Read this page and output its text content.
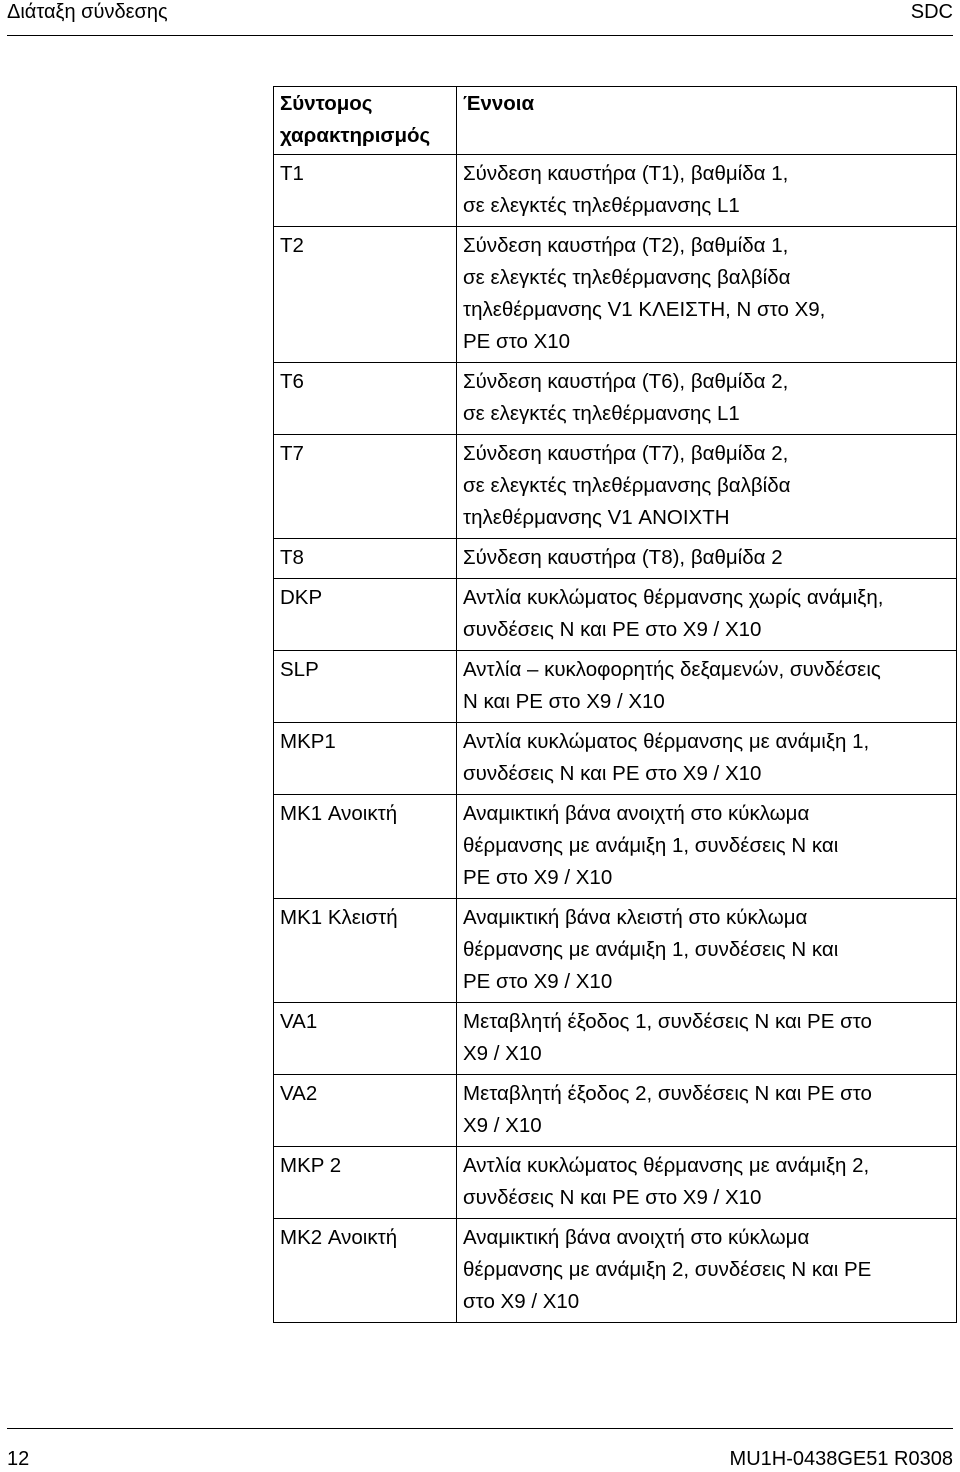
Διάταξη σύνδεσης	SDC
Σύντομος
χαρακτηρισμός	Έννοια
T1	Σύνδεση καυστήρα (T1), βαθμίδα 1,
σε ελεγκτές τηλεθέρμανσης L1
T2	Σύνδεση καυστήρα (T2), βαθμίδα 1,
σε ελεγκτές τηλεθέρμανσης βαλβίδα
τηλεθέρμανσης V1 ΚΛΕΙΣΤΗ, N στο X9,
PE στο X10
T6	Σύνδεση καυστήρα (T6), βαθμίδα 2,
σε ελεγκτές τηλεθέρμανσης L1
T7	Σύνδεση καυστήρα (T7), βαθμίδα 2,
σε ελεγκτές τηλεθέρμανσης βαλβίδα
τηλεθέρμανσης V1 ΑΝΟΙΧΤΗ
T8	Σύνδεση καυστήρα (T8), βαθμίδα 2
DKP	Αντλία κυκλώματος θέρμανσης χωρίς ανάμιξη,
συνδέσεις N και PE στο X9 / X10
SLP	Αντλία – κυκλοφορητής δεξαμενών, συνδέσεις
N και PE στο X9 / X10
MKP1	Αντλία κυκλώματος θέρμανσης με ανάμιξη 1,
συνδέσεις N και PE στο X9 / X10
MK1 Ανοικτή	Αναμικτική βάνα ανοιχτή στο κύκλωμα
θέρμανσης με ανάμιξη 1, συνδέσεις N και
PE στο X9 / X10
MK1 Κλειστή	Αναμικτική βάνα κλειστή στο κύκλωμα
θέρμανσης με ανάμιξη 1, συνδέσεις N και
PE στο X9 / X10
VA1	Μεταβλητή έξοδος 1, συνδέσεις N και PE στο
X9 / X10
VA2	Μεταβλητή έξοδος 2, συνδέσεις N και PE στο
X9 / X10
MKP 2	Αντλία κυκλώματος θέρμανσης με ανάμιξη 2,
συνδέσεις N και PE στο X9 / X10
MK2 Ανοικτή	Αναμικτική βάνα ανοιχτή στο κύκλωμα
θέρμανσης με ανάμιξη 2, συνδέσεις N και PE
στο X9 / X10
12	MU1H-0438GE51 R0308
